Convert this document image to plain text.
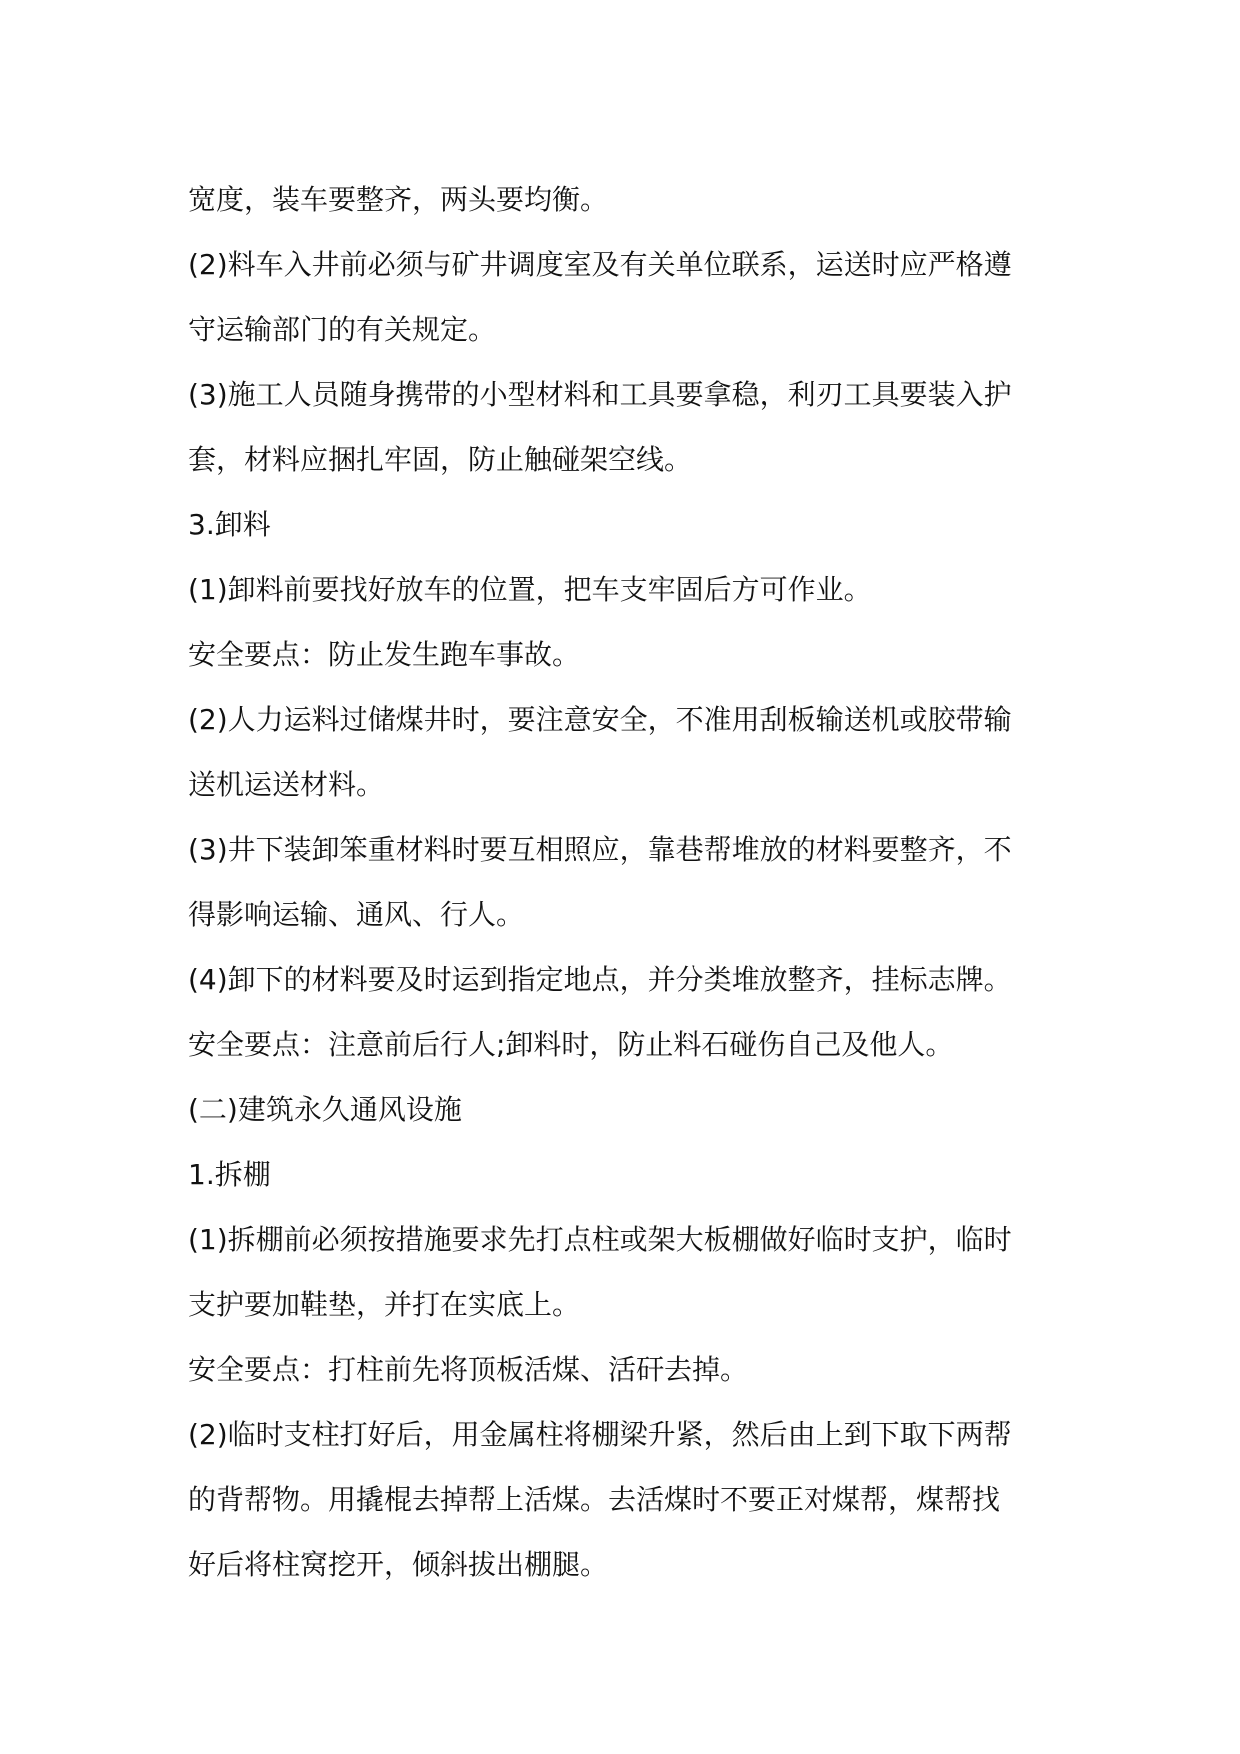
宽度，装车要整齐，两头要均衡。
(2)料车入井前必须与矿井调度室及有关单位联系，运送时应严格遵
守运输部门的有关规定。
(3)施工人员随身携带的小型材料和工具要拿稳，利刃工具要装入护
套，材料应捆扎牢固，防止触碰架空线。
3.卸料
(1)卸料前要找好放车的位置，把车支牢固后方可作业。
安全要点：防止发生跑车事故。
(2)人力运料过储煤井时，要注意安全，不准用刮板输送机或胶带输
送机运送材料。
(3)井下装卸笨重材料时要互相照应，靠巷帮堆放的材料要整齐，不
得影响运输、通风、行人。
(4)卸下的材料要及时运到指定地点，并分类堆放整齐，挂标志牌。
安全要点：注意前后行人;卸料时，防止料石碰伤自己及他人。
(二)建筑永久通风设施
1.拆棚
(1)拆棚前必须按措施要求先打点柱或架大板棚做好临时支护，临时
支护要加鞋垫，并打在实底上。
安全要点：打柱前先将顶板活煤、活矸去掉。
(2)临时支柱打好后，用金属柱将棚梁升紧，然后由上到下取下两帮
的背帮物。用撬棍去掉帮上活煤。去活煤时不要正对煤帮，煤帮找
好后将柱窝挖开，倾斜拔出棚腿。
